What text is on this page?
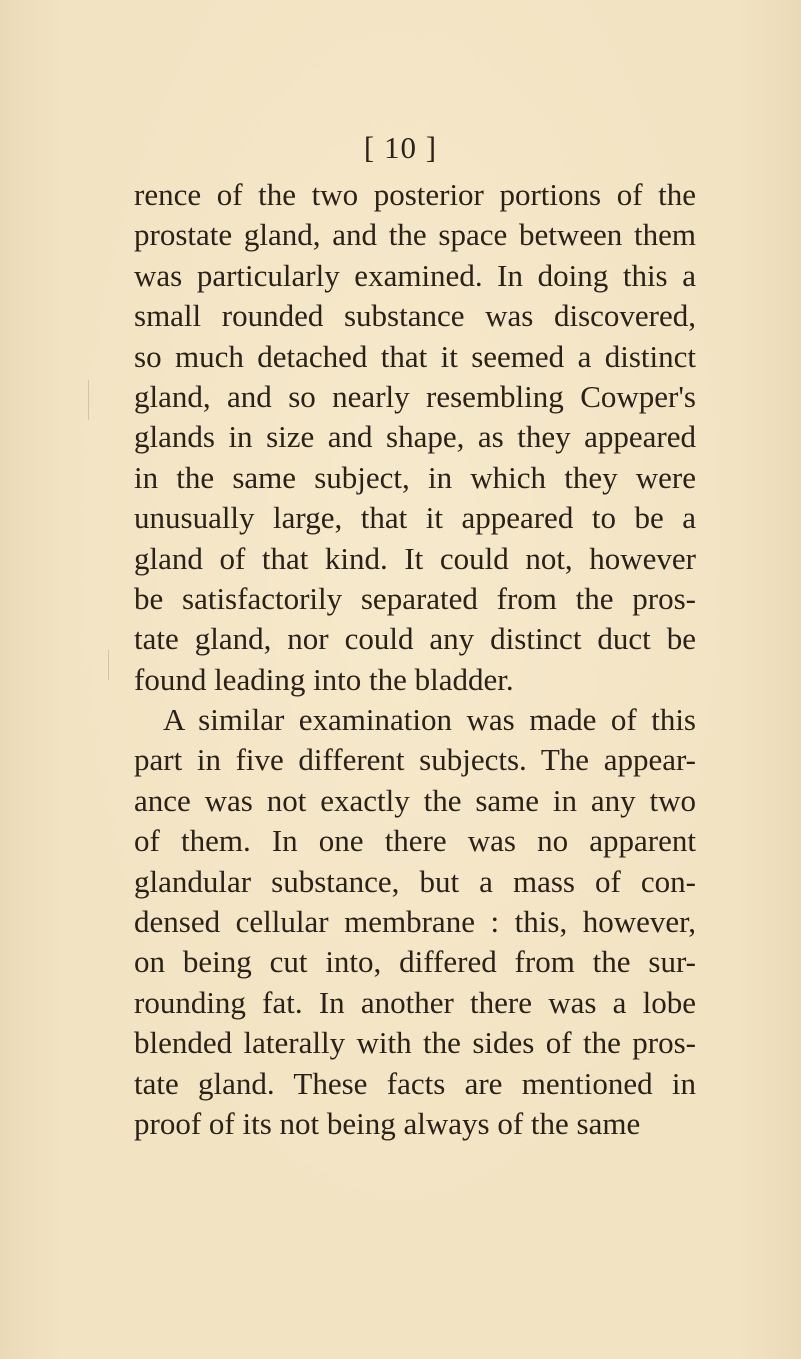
[ 10 ]
rence of the two posterior portions of the
prostate gland, and the space between them
was particularly examined. In doing this a
small rounded substance was discovered,
so much detached that it seemed a distinct
gland, and so nearly resembling Cowper's
glands in size and shape, as they appeared
in the same subject, in which they were
unusually large, that it appeared to be a
gland of that kind. It could not, however
be satisfactorily separated from the pros-
tate gland, nor could any distinct duct be
found leading into the bladder.
A similar examination was made of this
part in five different subjects. The appear-
ance was not exactly the same in any two
of them. In one there was no apparent
glandular substance, but a mass of con-
densed cellular membrane : this, however,
on being cut into, differed from the sur-
rounding fat. In another there was a lobe
blended laterally with the sides of the pros-
tate gland. These facts are mentioned in
proof of its not being always of the same
